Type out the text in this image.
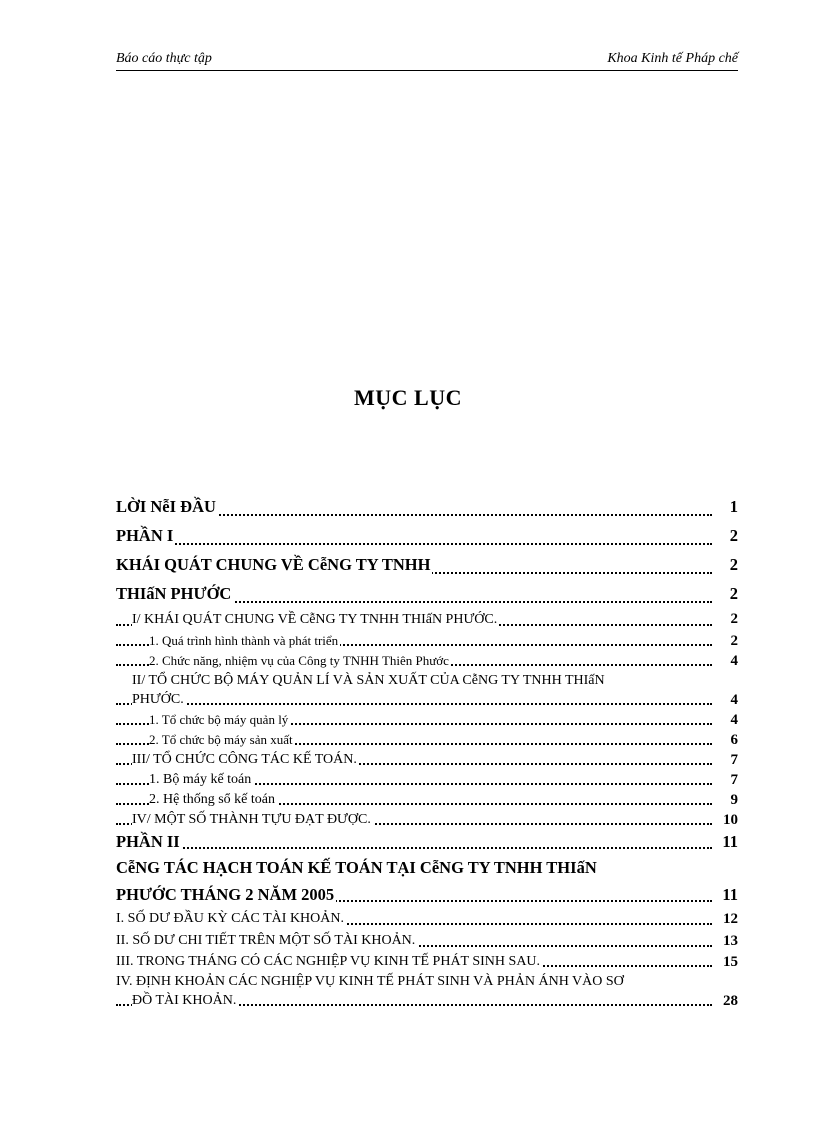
Báo cáo thực tập	Khoa Kinh tế Pháp chế
MỤC LỤC
LỜI NễI ĐẦU	1
PHẦN I	2
KHÁI QUÁT CHUNG VỀ CễNG TY TNHH	2
THIấN PHƯỚC	2
I/ KHÁI QUÁT CHUNG VỀ CễNG TY TNHH THIấN PHƯỚC.	2
1. Quá trình hình thành và phát triển	2
2. Chức năng, nhiệm vụ của Công ty TNHH Thiên Phước	4
II/ TỔ CHỨC BỘ MÁY QUẢN LÍ VÀ SẢN XUẤT CỦA CễNG TY TNHH THIấN
PHƯỚC.	4
1. Tổ chức bộ máy quản lý	4
2. Tổ chức bộ máy sản xuất	6
III/ TỔ CHỨC CÔNG TÁC KẾ TOÁN.	7
1. Bộ máy kế toán	7
2. Hệ thống sổ kế toán	9
IV/ MỘT SỐ THÀNH TỰU ĐẠT ĐƯỢC.	10
PHẦN II	11
CễNG TÁC HẠCH TOÁN KẾ TOÁN TẠI CễNG TY TNHH THIấN
PHƯỚC THÁNG 2 NĂM 2005	11
I. SỐ DƯ ĐẦU KỲ CÁC TÀI KHOẢN.	12
II. SỐ DƯ CHI TIẾT TRÊN MỘT SỐ TÀI KHOẢN.	13
III. TRONG THÁNG CÓ CÁC NGHIỆP VỤ KINH TẾ PHÁT SINH SAU.	15
IV. ĐỊNH KHOẢN CÁC NGHIỆP VỤ KINH TẾ PHÁT SINH VÀ PHẢN ÁNH VÀO SƠ
ĐỒ TÀI KHOẢN.	28
